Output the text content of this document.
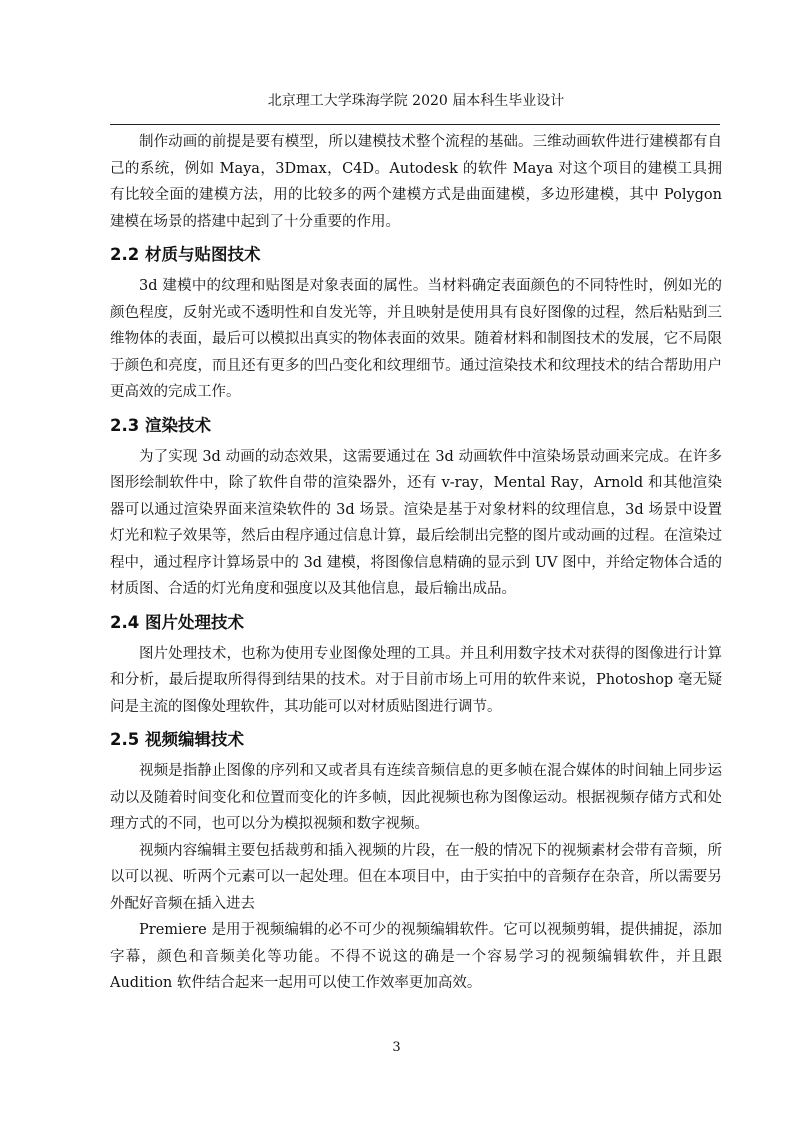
北京理工大学珠海学院 2020 届本科生毕业设计

制作动画的前提是要有模型，所以建模技术整个流程的基础。三维动画软件进行建模都有自己的系统，例如 Maya，3Dmax，C4D。Autodesk 的软件 Maya 对这个项目的建模工具拥有比较全面的建模方法，用的比较多的两个建模方式是曲面建模，多边形建模，其中 Polygon 建模在场景的搭建中起到了十分重要的作用。

2.2 材质与贴图技术

3d 建模中的纹理和贴图是对象表面的属性。当材料确定表面颜色的不同特性时，例如光的颜色程度，反射光或不透明性和自发光等，并且映射是使用具有良好图像的过程，然后粘贴到三维物体的表面，最后可以模拟出真实的物体表面的效果。随着材料和制图技术的发展，它不局限于颜色和亮度，而且还有更多的凹凸变化和纹理细节。通过渲染技术和纹理技术的结合帮助用户更高效的完成工作。

2.3 渲染技术

为了实现 3d 动画的动态效果，这需要通过在 3d 动画软件中渲染场景动画来完成。在许多图形绘制软件中，除了软件自带的渲染器外，还有 v-ray，Mental Ray，Arnold 和其他渲染器可以通过渲染界面来渲染软件的 3d 场景。渲染是基于对象材料的纹理信息，3d 场景中设置灯光和粒子效果等，然后由程序通过信息计算，最后绘制出完整的图片或动画的过程。在渲染过程中，通过程序计算场景中的 3d 建模，将图像信息精确的显示到 UV 图中，并给定物体合适的材质图、合适的灯光角度和强度以及其他信息，最后输出成品。

2.4 图片处理技术

图片处理技术，也称为使用专业图像处理的工具。并且利用数字技术对获得的图像进行计算和分析，最后提取所得得到结果的技术。对于目前市场上可用的软件来说，Photoshop 毫无疑问是主流的图像处理软件，其功能可以对材质贴图进行调节。

2.5 视频编辑技术

视频是指静止图像的序列和又或者具有连续音频信息的更多帧在混合媒体的时间轴上同步运动以及随着时间变化和位置而变化的许多帧，因此视频也称为图像运动。根据视频存储方式和处理方式的不同，也可以分为模拟视频和数字视频。

视频内容编辑主要包括裁剪和插入视频的片段，在一般的情况下的视频素材会带有音频，所以可以视、听两个元素可以一起处理。但在本项目中，由于实拍中的音频存在杂音，所以需要另外配好音频在插入进去

Premiere 是用于视频编辑的必不可少的视频编辑软件。它可以视频剪辑，提供捕捉，添加字幕，颜色和音频美化等功能。不得不说这的确是一个容易学习的视频编辑软件，并且跟 Audition 软件结合起来一起用可以使工作效率更加高效。

3
